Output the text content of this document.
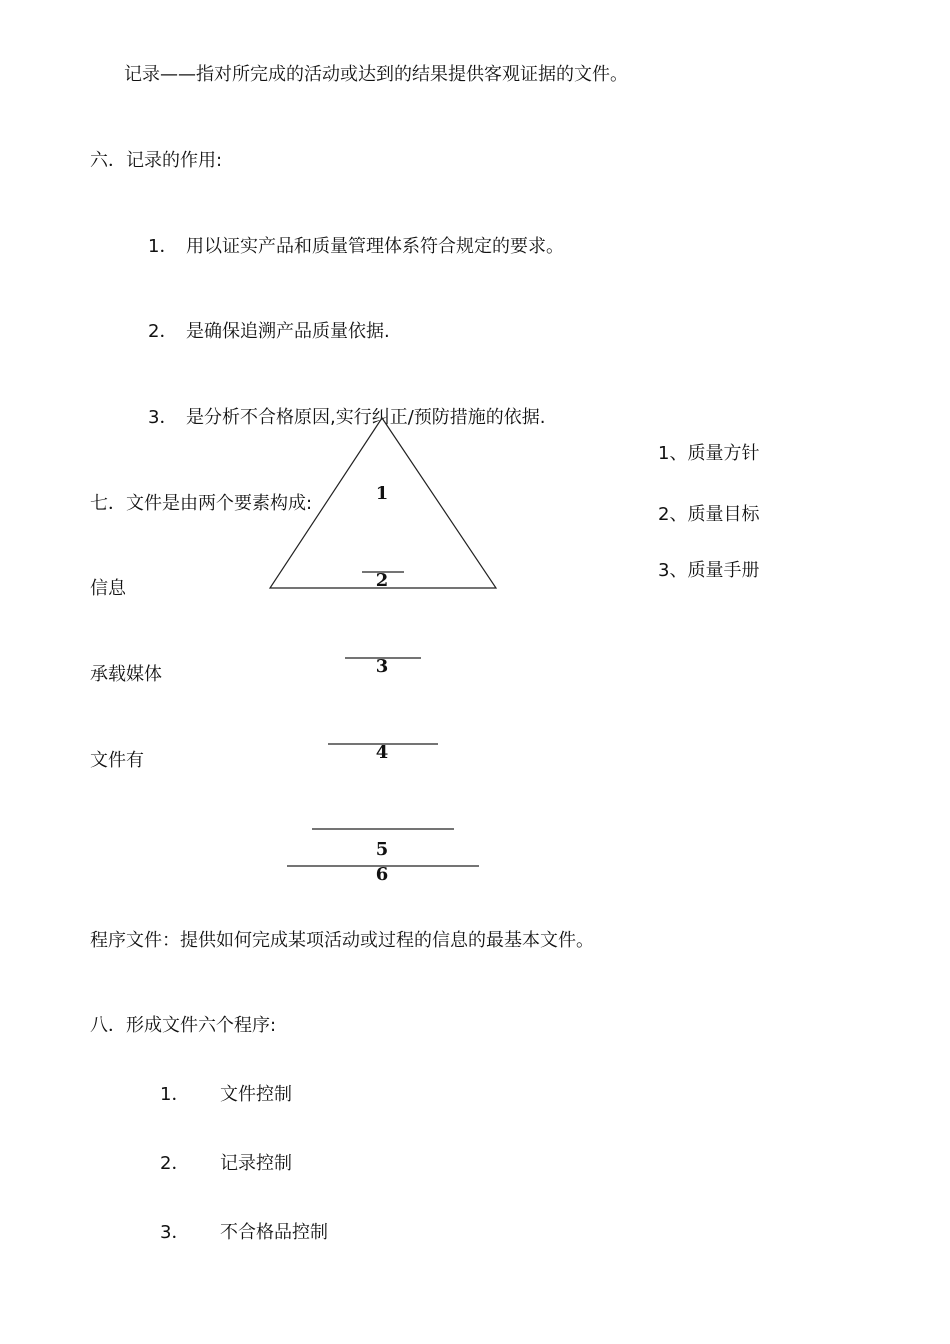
记录——指对所完成的活动或达到的结果提供客观证据的文件。
六．记录的作用:
1． 用以证实产品和质量管理体系符合规定的要求。
2． 是确保追溯产品质量依据.
3． 是分析不合格原因,实行纠正/预防措施的依据.
七．文件是由两个要素构成:
信息
承载媒体
文件有
1
2
3
4
5
6
1、质量方针
2、质量目标
3、质量手册
程序文件：提供如何完成某项活动或过程的信息的最基本文件。
八．形成文件六个程序:
1． 文件控制
2． 记录控制
3． 不合格品控制
